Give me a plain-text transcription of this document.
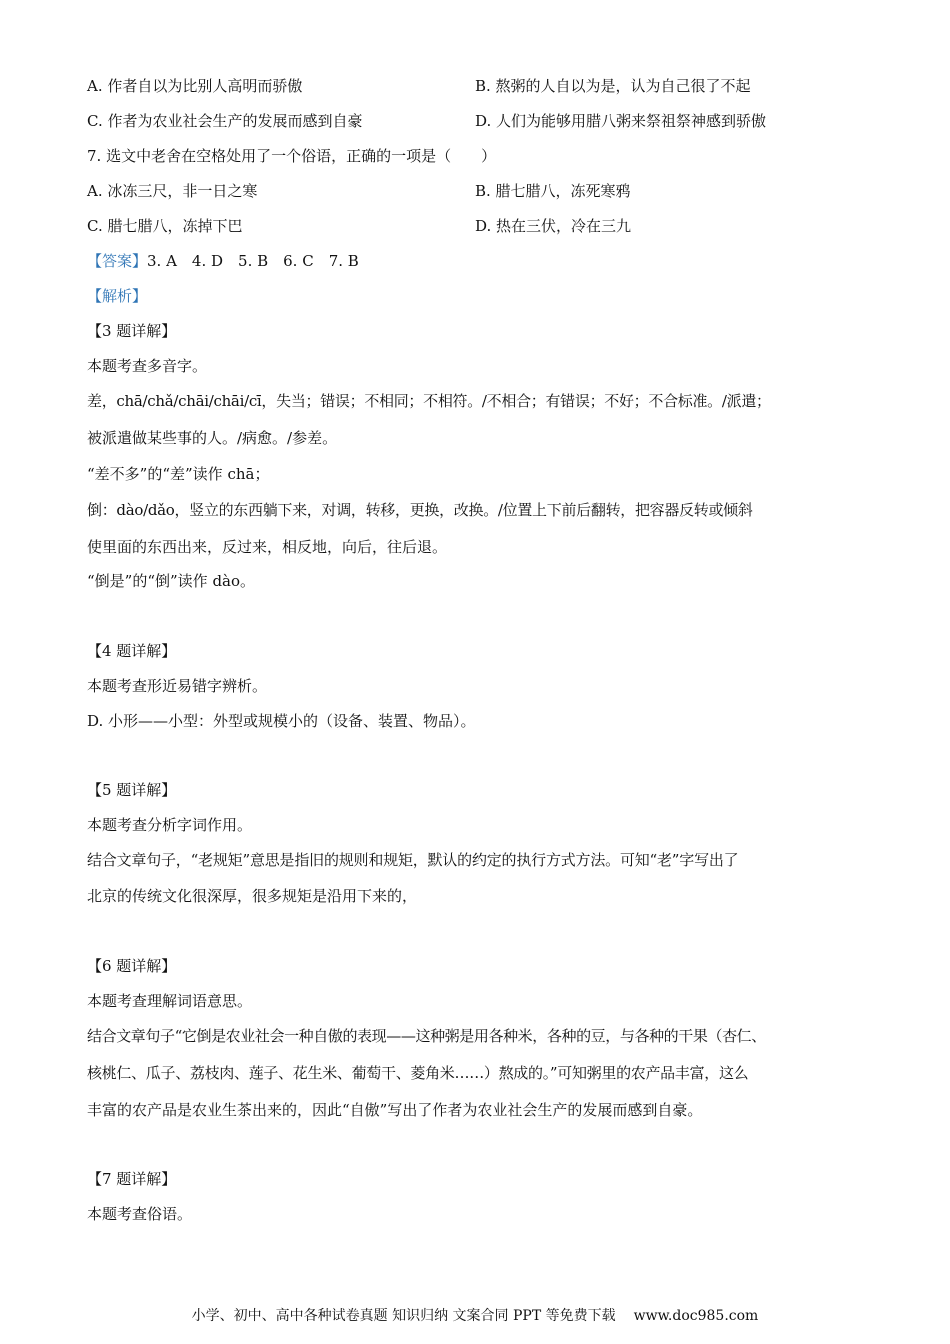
A. 作者自以为比别人高明而骄傲	B. 熬粥的人自以为是，认为自己很了不起
C. 作者为农业社会生产的发展而感到自豪	D. 人们为能够用腊八粥来祭祖祭神感到骄傲
7. 选文中老舍在空格处用了一个俗语，正确的一项是（　　）
A. 冰冻三尺，非一日之寒	B. 腊七腊八，冻死寒鸦
C. 腊七腊八，冻掉下巴	D. 热在三伏，冷在三九
【答案】3. A　4. D　5. B　6. C　7. B
【解析】
【3 题详解】
本题考查多音字。
差，chā/chǎ/chāi/chāi/cī，失当；错误；不相同；不相符。/不相合；有错误；不好；不合标准。/派遣；
被派遣做某些事的人。/病愈。/参差。
“差不多”的“差”读作 chā；
倒：dào/dǎo，竖立的东西躺下来，对调，转移，更换，改换。/位置上下前后翻转，把容器反转或倾斜
使里面的东西出来，反过来，相反地，向后，往后退。
“倒是”的“倒”读作 dào。
【4 题详解】
本题考查形近易错字辨析。
D. 小形——小型：外型或规模小的（设备、装置、物品）。
【5 题详解】
本题考查分析字词作用。
结合文章句子，“老规矩”意思是指旧的规则和规矩，默认的约定的执行方式方法。可知“老”字写出了
北京的传统文化很深厚，很多规矩是沿用下来的，
【6 题详解】
本题考查理解词语意思。
结合文章句子“它倒是农业社会一种自傲的表现——这种粥是用各种米，各种的豆，与各种的干果（杏仁、
核桃仁、瓜子、荔枝肉、莲子、花生米、葡萄干、菱角米……）熬成的。”可知粥里的农产品丰富，这么
丰富的农产品是农业生茶出来的，因此“自傲”写出了作者为农业社会生产的发展而感到自豪。
【7 题详解】
本题考查俗语。
小学、初中、高中各种试卷真题 知识归纳 文案合同 PPT 等免费下载 www.doc985.com
